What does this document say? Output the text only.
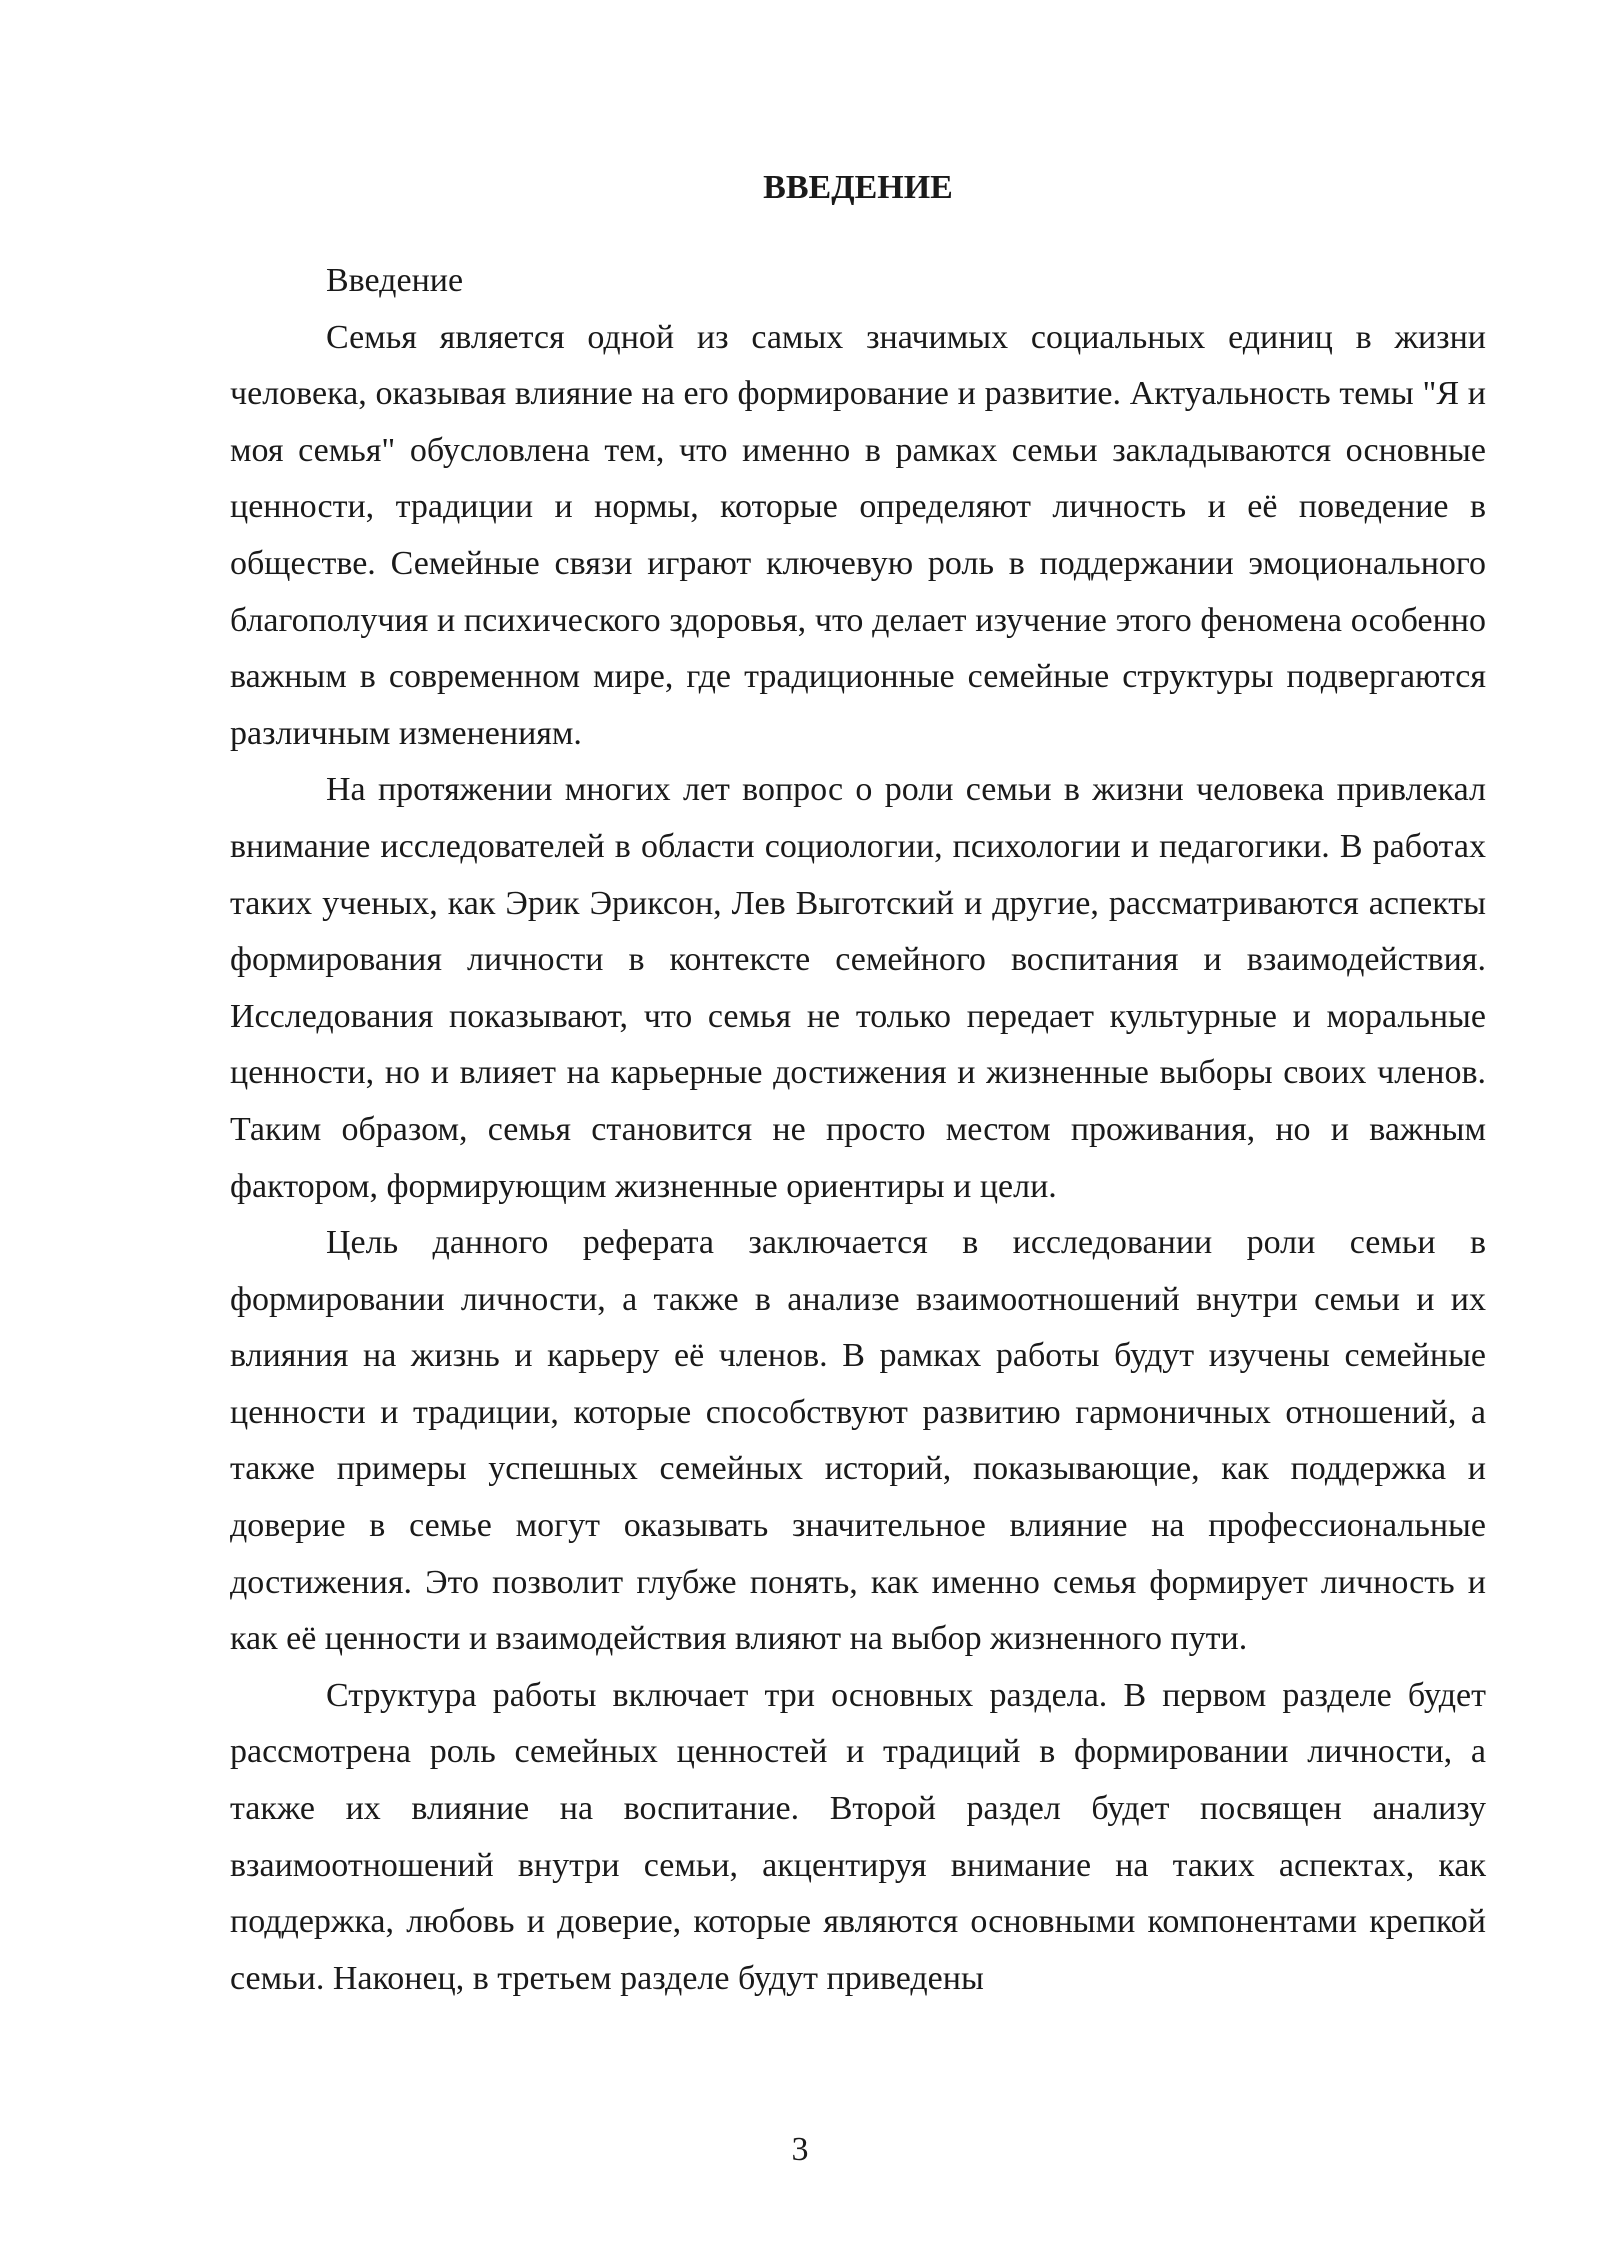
ВВЕДЕНИЕ

Введение

Семья является одной из самых значимых социальных единиц в жизни человека, оказывая влияние на его формирование и развитие. Актуальность темы "Я и моя семья" обусловлена тем, что именно в рамках семьи закладываются основные ценности, традиции и нормы, которые определяют личность и её поведение в обществе. Семейные связи играют ключевую роль в поддержании эмоционального благополучия и психического здоровья, что делает изучение этого феномена особенно важным в современном мире, где традиционные семейные структуры подвергаются различным изменениям.

На протяжении многих лет вопрос о роли семьи в жизни человека привлекал внимание исследователей в области социологии, психологии и педагогики. В работах таких ученых, как Эрик Эриксон, Лев Выготский и другие, рассматриваются аспекты формирования личности в контексте семейного воспитания и взаимодействия. Исследования показывают, что семья не только передает культурные и моральные ценности, но и влияет на карьерные достижения и жизненные выборы своих членов. Таким образом, семья становится не просто местом проживания, но и важным фактором, формирующим жизненные ориентиры и цели.

Цель данного реферата заключается в исследовании роли семьи в формировании личности, а также в анализе взаимоотношений внутри семьи и их влияния на жизнь и карьеру её членов. В рамках работы будут изучены семейные ценности и традиции, которые способствуют развитию гармоничных отношений, а также примеры успешных семейных историй, показывающие, как поддержка и доверие в семье могут оказывать значительное влияние на профессиональные достижения. Это позволит глубже понять, как именно семья формирует личность и как её ценности и взаимодействия влияют на выбор жизненного пути.

Структура работы включает три основных раздела. В первом разделе будет рассмотрена роль семейных ценностей и традиций в формировании личности, а также их влияние на воспитание. Второй раздел будет посвящен анализу взаимоотношений внутри семьи, акцентируя внимание на таких аспектах, как поддержка, любовь и доверие, которые являются основными компонентами крепкой семьи. Наконец, в третьем разделе будут приведены

3
